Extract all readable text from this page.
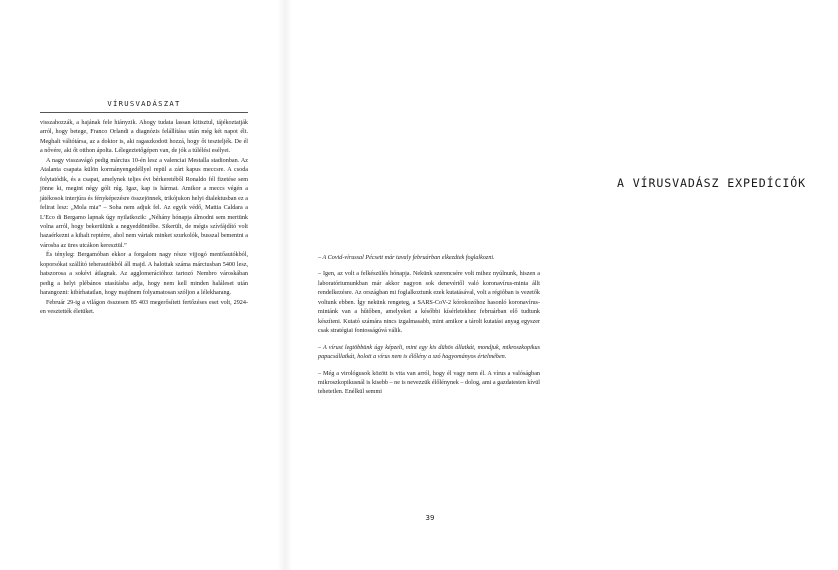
VÍRUSVADÁSZAT

visszahozzák, a hajának fele hiányzik. Ahogy tudata lassan kitisztul, tájékoztatják arról, hogy betege, Franco Orlandi a diagnózis felállítása után még két napot élt. Meghalt váltótársa, az a doktor is, aki ragaszkodott hozzá, hogy őt teszteljék. De él a nővére, aki őt otthon ápolta. Lélegeztetőgépen van, de jók a túlélési esélyei.

A nagy visszavágó pedig március 10-én lesz a valenciai Mestalla stadionban. Az Atalanta csapata külön kormányengedéllyel repül a zárt kapus meccsre. A csoda folytatódik, és a csapat, amelynek teljes évi bérkeretéből Ronaldo fél fizetése sem jönne ki, megint négy gólt rúg. Igaz, kap is hármat. Amikor a meccs végén a játékosok interjúra és fényképezésre összejönnek, trikójukon helyi dialektusban ez a felirat lesz: „Mola mia” – Soha nem adjuk fel. Az egyik védő, Mattia Caldara a L’Eco di Bergamo lapnak úgy nyilatkozik: „Néhány hónapja álmodni sem mertünk volna arról, hogy bekerülünk a negyeddöntőbe. Sikerült, de mégis szívfájdító volt hazaérkezni a kihalt reptérre, ahol nem vártak minket szurkolók, busszal bementni a városba az üres utcákon keresztül.”

És tényleg: Bergamóban ekkor a forgalom nagy része vijjogó mentőautókból, koporsókat szállító teherautókból áll majd. A halottak száma márciusban 5400 lesz, hatszorosa a sokévi átlagnak. Az agglomerációhoz tartozó Nembro városkában pedig a helyi plébános utasításba adja, hogy nem kell minden haláleset után harangozni: kibírhatatlan, hogy majdnem folyamatosan szóljon a lélekharang.

Február 29-ig a világon összesen 85 403 megerősített fertőzéses eset volt, 2924-en vesztették életüket.

A VÍRUSVADÁSZ EXPEDÍCIÓK

– A Covid-vírussal Pécsett már tavaly februárban elkezdtek foglalkozni.

– Igen, az volt a felkészülés hónapja. Nekünk szerencsére volt mihez nyúlnunk, hiszen a laboratóriumunkban már akkor nagyon sok denevértől való koronavírus-minta állt rendelkezésre. Az országban mi foglalkoztunk ezek kutatásával, volt a régióban is vezetők voltunk ebben. Így nekünk rengeteg, a SARS-CoV-2 kórokozóhoz hasonló koronavírus-mintánk van a hűtőben, amelyeket a későbbi kísérletekhez februárban elő tudtunk készíteni. Kutató számára nincs izgalmasabb, mint amikor a tárolt kutatási anyag egyszer csak stratégiai fontosságúvá válik.

– A vírust legtöbbünk úgy képzeli, mint egy kis dühös állatkát, mondjuk, mikroszkopikus papucsállatkát, holott a vírus nem is élőlény a szó hagyományos értelmében.

– Még a virológusok között is vita van arról, hogy él vagy nem él. A vírus a valóságban mikroszkopikusnál is kisebb – ne is nevezzük élőlénynek – dolog, ami a gazdatesten kívül tehetetlen. Enélkül semmi

39
